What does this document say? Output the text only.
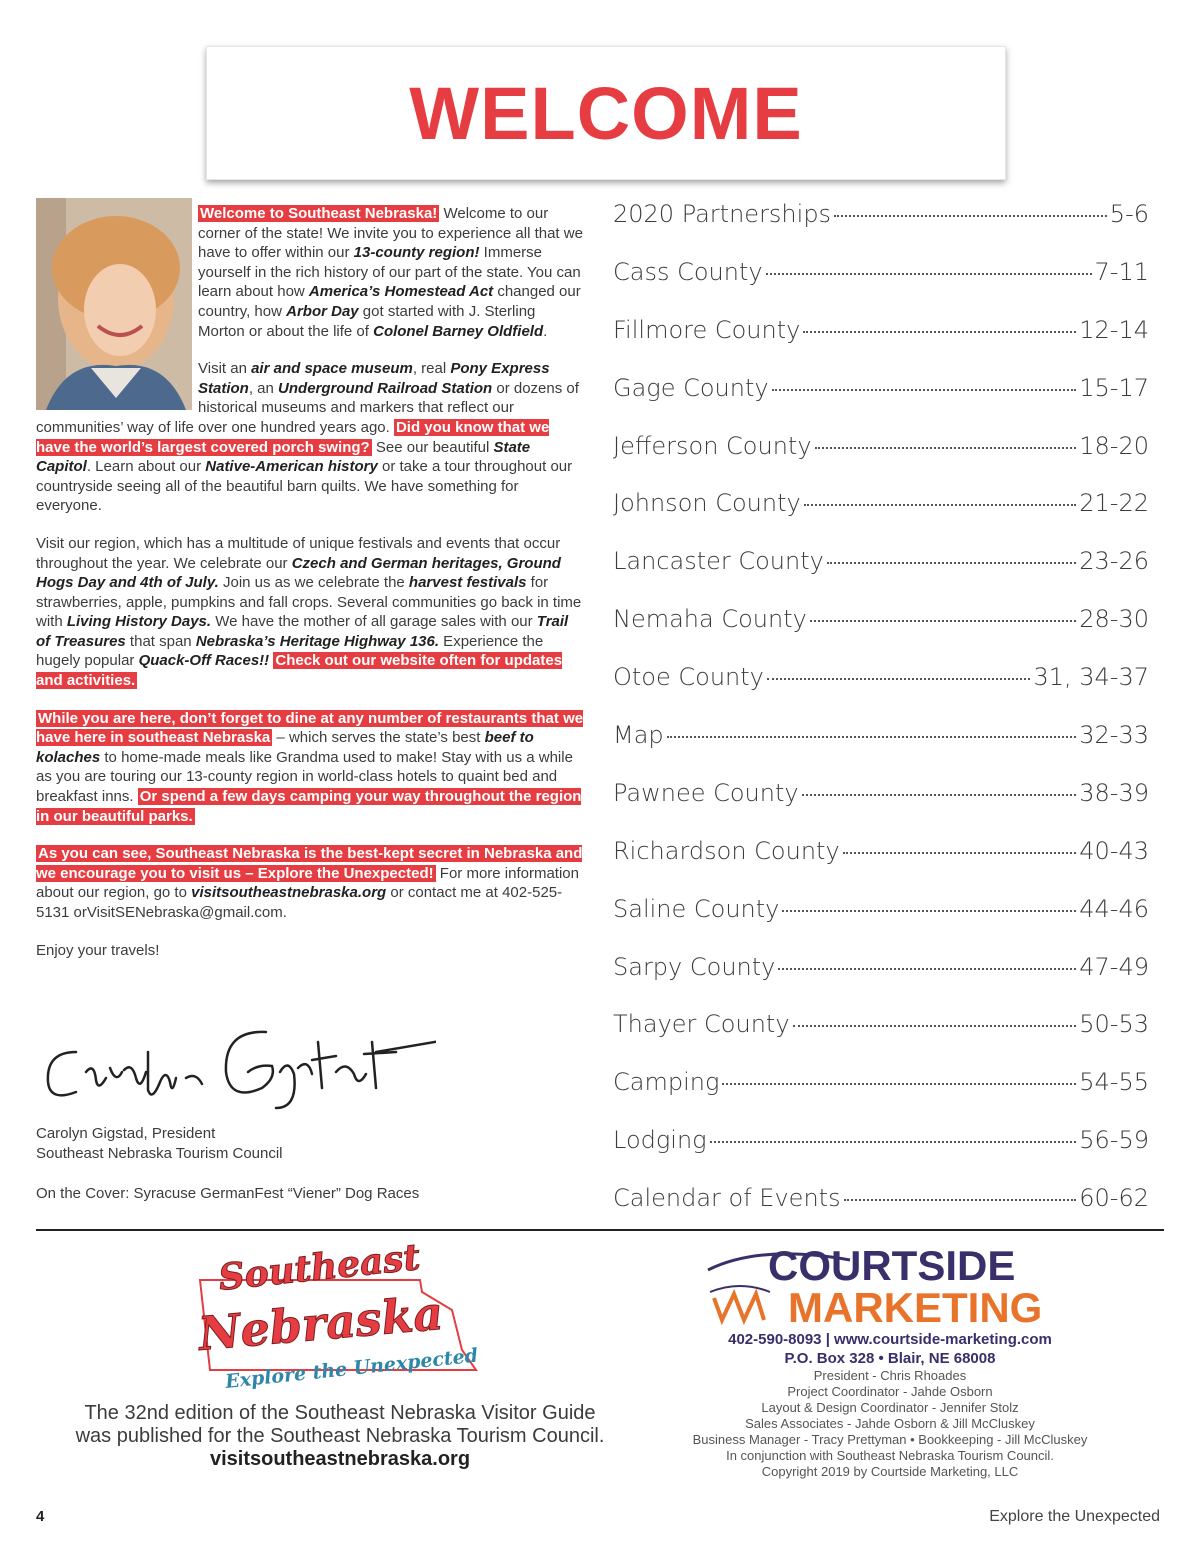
WELCOME

Welcome to Southeast Nebraska! Welcome to our corner of the state! We invite you to experience all that we have to offer within our 13-county region! Immerse yourself in the rich history of our part of the state. You can learn about how America’s Homestead Act changed our country, how Arbor Day got started with J. Sterling Morton or about the life of Colonel Barney Oldfield.

Visit an air and space museum, real Pony Express Station, an Underground Railroad Station or dozens of historical museums and markers that reflect our communities’ way of life over one hundred years ago. Did you know that we have the world’s largest covered porch swing? See our beautiful State Capitol. Learn about our Native-American history or take a tour throughout our countryside seeing all of the beautiful barn quilts. We have something for everyone.

Visit our region, which has a multitude of unique festivals and events that occur throughout the year. We celebrate our Czech and German heritages, Ground Hogs Day and 4th of July. Join us as we celebrate the harvest festivals for strawberries, apple, pumpkins and fall crops. Several communities go back in time with Living History Days. We have the mother of all garage sales with our Trail of Treasures that span Nebraska’s Heritage Highway 136. Experience the hugely popular Quack-Off Races!! Check out our website often for updates and activities.

While you are here, don’t forget to dine at any number of restaurants that we have here in southeast Nebraska – which serves the state’s best beef to kolaches to home-made meals like Grandma used to make! Stay with us a while as you are touring our 13-county region in world-class hotels to quaint bed and breakfast inns. Or spend a few days camping your way throughout the region in our beautiful parks.

As you can see, Southeast Nebraska is the best-kept secret in Nebraska and we encourage you to visit us – Explore the Unexpected! For more information about our region, go to visitsoutheastnebraska.org or contact me at 402-525-5131 orVisitSENebraska@gmail.com.

Enjoy your travels!

Carolyn Gigstad, President
Southeast Nebraska Tourism Council
On the Cover: Syracuse GermanFest “Viener” Dog Races
2020 Partnerships	5-6
Cass County	7-11
Fillmore County	12-14
Gage County	15-17
Jefferson County	18-20
Johnson County	21-22
Lancaster County	23-26
Nemaha County	28-30
Otoe County	31, 34-37
Map	32-33
Pawnee County	38-39
Richardson County	40-43
Saline County	44-46
Sarpy County	47-49
Thayer County	50-53
Camping	54-55
Lodging	56-59
Calendar of Events	60-62
Southeast
Nebraska
Explore the Unexpected
The 32nd edition of the Southeast Nebraska Visitor Guide
was published for the Southeast Nebraska Tourism Council.
visitsoutheastnebraska.org
COURTSIDE
MARKETING
402-590-8093 | www.courtside-marketing.com
P.O. Box 328 • Blair, NE 68008
President - Chris Rhoades
Project Coordinator - Jahde Osborn
Layout & Design Coordinator - Jennifer Stolz
Sales Associates - Jahde Osborn & Jill McCluskey
Business Manager - Tracy Prettyman • Bookkeeping - Jill McCluskey
In conjunction with Southeast Nebraska Tourism Council.
Copyright 2019 by Courtside Marketing, LLC
4	Explore the Unexpected
